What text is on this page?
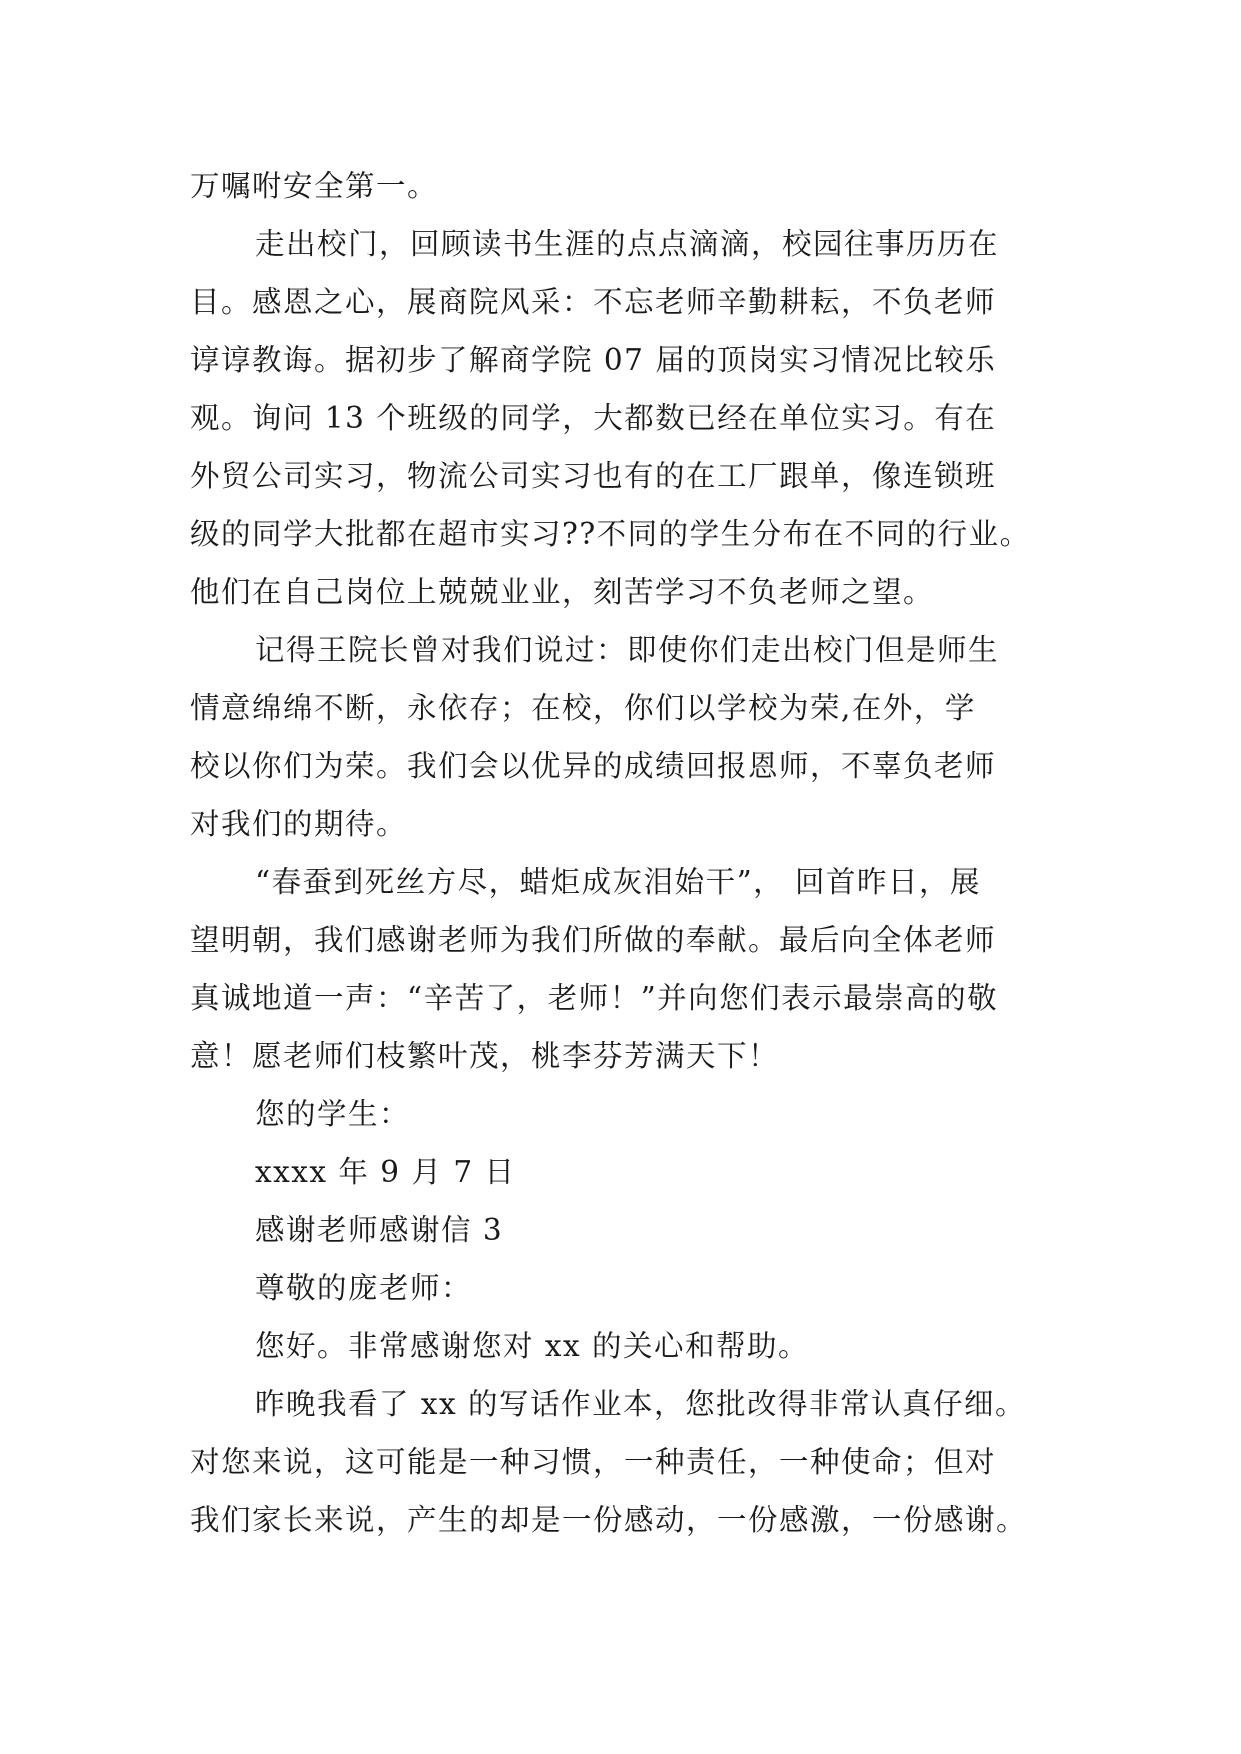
万嘱咐安全第一。

走出校门，回顾读书生涯的点点滴滴，校园往事历历在

目。感恩之心，展商院风采：不忘老师辛勤耕耘，不负老师

谆谆教诲。据初步了解商学院 07 届的顶岗实习情况比较乐

观。询问 13 个班级的同学，大都数已经在单位实习。有在

外贸公司实习，物流公司实习也有的在工厂跟单，像连锁班

级的同学大批都在超市实习??不同的学生分布在不同的行业。

他们在自己岗位上兢兢业业，刻苦学习不负老师之望。

记得王院长曾对我们说过：即使你们走出校门但是师生

情意绵绵不断，永依存；在校，你们以学校为荣,在外，学

校以你们为荣。我们会以优异的成绩回报恩师，不辜负老师

对我们的期待。

“春蚕到死丝方尽，蜡炬成灰泪始干”， 回首昨日，展

望明朝，我们感谢老师为我们所做的奉献。最后向全体老师

真诚地道一声：“辛苦了，老师！”并向您们表示最崇高的敬

意！愿老师们枝繁叶茂，桃李芬芳满天下！

您的学生：

xxxx 年 9 月 7 日

感谢老师感谢信 3

尊敬的庞老师：

您好。非常感谢您对 xx 的关心和帮助。

昨晚我看了 xx 的写话作业本，您批改得非常认真仔细。

对您来说，这可能是一种习惯，一种责任，一种使命；但对

我们家长来说，产生的却是一份感动，一份感激，一份感谢。
